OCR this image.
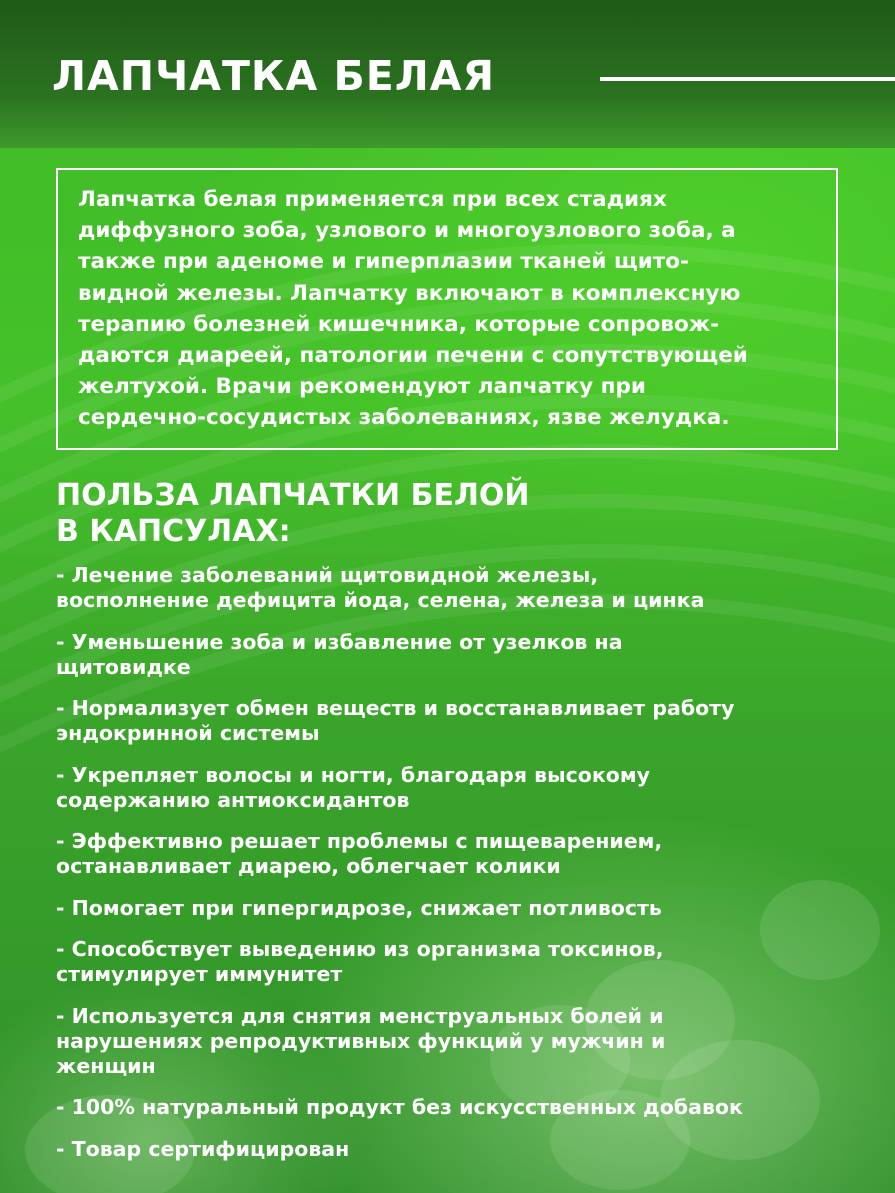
ЛАПЧАТКА БЕЛАЯ

Лапчатка белая применяется при всех стадиях
диффузного зоба, узлового и многоузлового зоба, а
также при аденоме и гиперплазии тканей щито-
видной железы. Лапчатку включают в комплексную
терапию болезней кишечника, которые сопровож-
даются диареей, патологии печени с сопутствующей
желтухой. Врачи рекомендуют лапчатку при
сердечно-сосудистых заболеваниях, язве желудка.

ПОЛЬЗА ЛАПЧАТКИ БЕЛОЙ
В КАПСУЛАХ:
- Лечение заболеваний щитовидной железы,
восполнение дефицита йода, селена, железа и цинка
- Уменьшение зоба и избавление от узелков на
щитовидке
- Нормализует обмен веществ и восстанавливает работу
эндокринной системы
- Укрепляет волосы и ногти, благодаря высокому
содержанию антиоксидантов
- Эффективно решает проблемы с пищеварением,
останавливает диарею, облегчает колики
- Помогает при гипергидрозе, снижает потливость
- Способствует выведению из организма токсинов,
стимулирует иммунитет
- Используется для снятия менструальных болей и
нарушениях репродуктивных функций у мужчин и
женщин
- 100% натуральный продукт без искусственных добавок
- Товар сертифицирован
